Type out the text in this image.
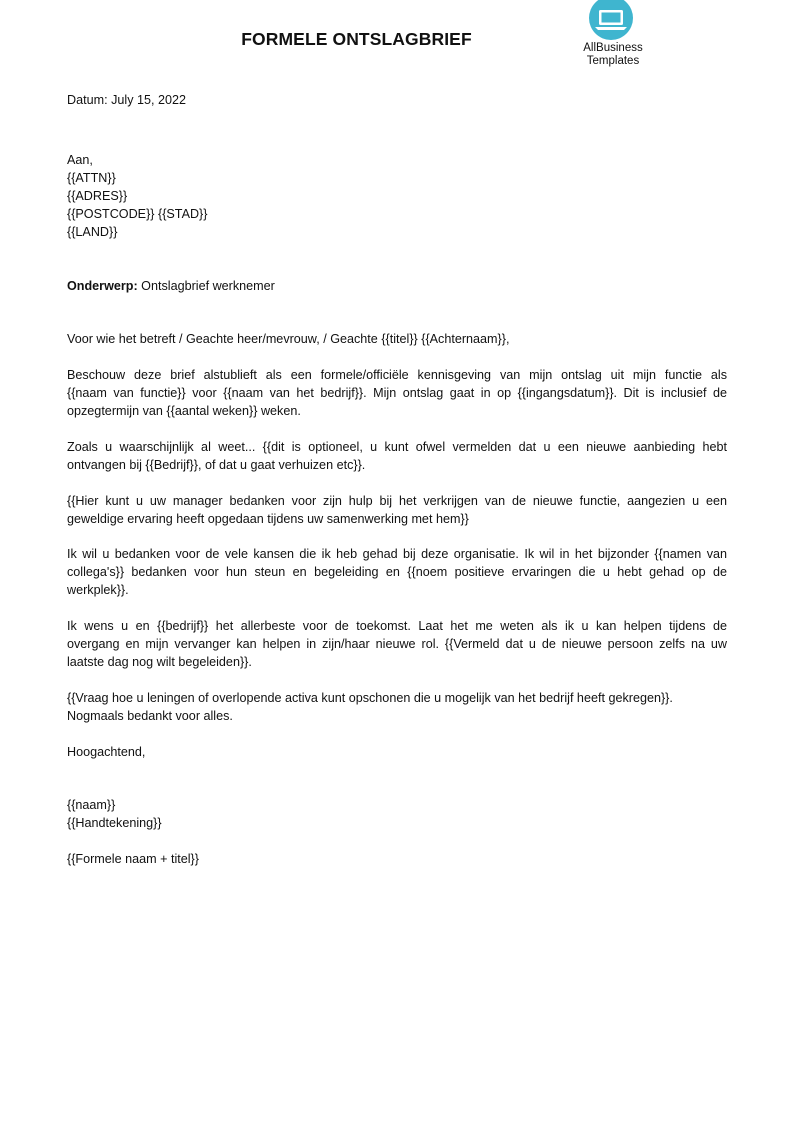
FORMELE ONTSLAGBRIEF	AllBusiness
Templates
Datum: July 15, 2022
Aan,
{{ATTN}}
{{ADRES}}
{{POSTCODE}} {{STAD}}
{{LAND}}
Onderwerp: Ontslagbrief werknemer
Voor wie het betreft / Geachte heer/mevrouw, / Geachte {{titel}} {{Achternaam}},
Beschouw deze brief alstublieft als een formele/officiële kennisgeving van mijn ontslag uit mijn functie als
{{naam van functie}} voor {{naam van het bedrijf}}. Mijn ontslag gaat in op {{ingangsdatum}}. Dit is inclusief de
opzegtermijn van {{aantal weken}} weken.
Zoals u waarschijnlijk al weet... {{dit is optioneel, u kunt ofwel vermelden dat u een nieuwe aanbieding hebt
ontvangen bij {{Bedrijf}}, of dat u gaat verhuizen etc}}.
{{Hier kunt u uw manager bedanken voor zijn hulp bij het verkrijgen van de nieuwe functie, aangezien u een
geweldige ervaring heeft opgedaan tijdens uw samenwerking met hem}}
Ik wil u bedanken voor de vele kansen die ik heb gehad bij deze organisatie. Ik wil in het bijzonder {{namen van
collega's}} bedanken voor hun steun en begeleiding en {{noem positieve ervaringen die u hebt gehad op de
werkplek}}.
Ik wens u en {{bedrijf}} het allerbeste voor de toekomst. Laat het me weten als ik u kan helpen tijdens de
overgang en mijn vervanger kan helpen in zijn/haar nieuwe rol. {{Vermeld dat u de nieuwe persoon zelfs na uw
laatste dag nog wilt begeleiden}}.
{{Vraag hoe u leningen of overlopende activa kunt opschonen die u mogelijk van het bedrijf heeft gekregen}}.
Nogmaals bedankt voor alles.
Hoogachtend,
{{naam}}
{{Handtekening}}
{{Formele naam + titel}}
